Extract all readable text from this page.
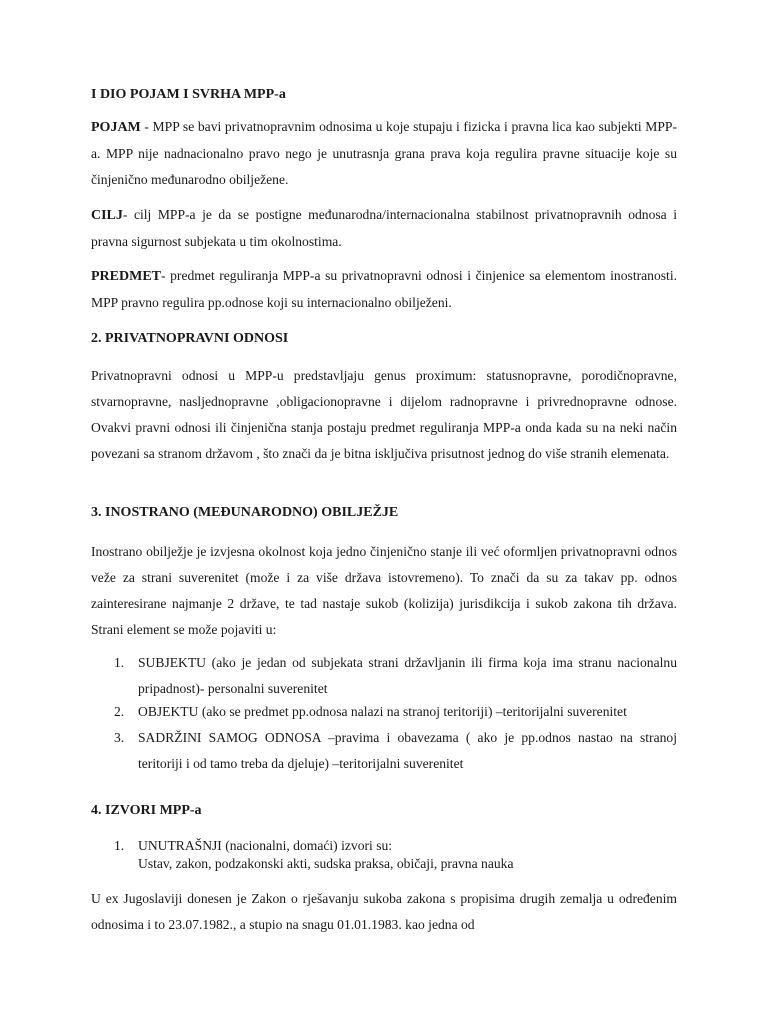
I DIO POJAM I SVRHA MPP-a

POJAM - MPP se bavi privatnopravnim odnosima u koje stupaju i fizicka i pravna lica kao subjekti MPP-a. MPP nije nadnacionalno pravo nego je unutrasnja grana prava koja regulira pravne situacije koje su činjenično međunarodno obilježene.

CILJ- cilj MPP-a je da se postigne međunarodna/internacionalna stabilnost privatnopravnih odnosa i pravna sigurnost subjekata u tim okolnostima.

PREDMET- predmet reguliranja MPP-a su privatnopravni odnosi i činjenice sa elementom inostranosti. MPP pravno regulira pp.odnose koji su internacionalno obilježeni.

2. PRIVATNOPRAVNI ODNOSI

Privatnopravni odnosi u MPP-u predstavljaju genus proximum: statusnopravne, porodičnopravne, stvarnopravne, nasljednopravne ,obligacionopravne i dijelom radnopravne i privrednopravne odnose. Ovakvi pravni odnosi ili činjenična stanja postaju predmet reguliranja MPP-a onda kada su na neki način povezani sa stranom državom , što znači da je bitna isključiva prisutnost jednog do više stranih elemenata.

3. INOSTRANO (MEĐUNARODNO) OBILJEŽJE

Inostrano obilježje je izvjesna okolnost koja jedno činjenično stanje ili već oformljen privatnopravni odnos veže za strani suverenitet (može i za više država istovremeno). To znači da su za takav pp. odnos zainteresirane najmanje 2 države, te tad nastaje sukob (kolizija) jurisdikcija i sukob zakona tih država. Strani element se može pojaviti u:

1. SUBJEKTU (ako je jedan od subjekata strani državljanin ili firma koja ima stranu nacionalnu pripadnost)- personalni suverenitet
2. OBJEKTU (ako se predmet pp.odnosa nalazi na stranoj teritoriji) –teritorijalni suverenitet
3. SADRŽINI SAMOG ODNOSA –pravima i obavezama ( ako je pp.odnos nastao na stranoj teritoriji i od tamo treba da djeluje) –teritorijalni suverenitet
4. IZVORI MPP-a
1. UNUTRAŠNJI (nacionalni, domaći) izvori su:
Ustav, zakon, podzakonski akti, sudska praksa, običaji, pravna nauka

U ex Jugoslaviji donesen je Zakon o rješavanju sukoba zakona s propisima drugih zemalja u određenim odnosima i to 23.07.1982., a stupio na snagu 01.01.1983. kao jedna od
